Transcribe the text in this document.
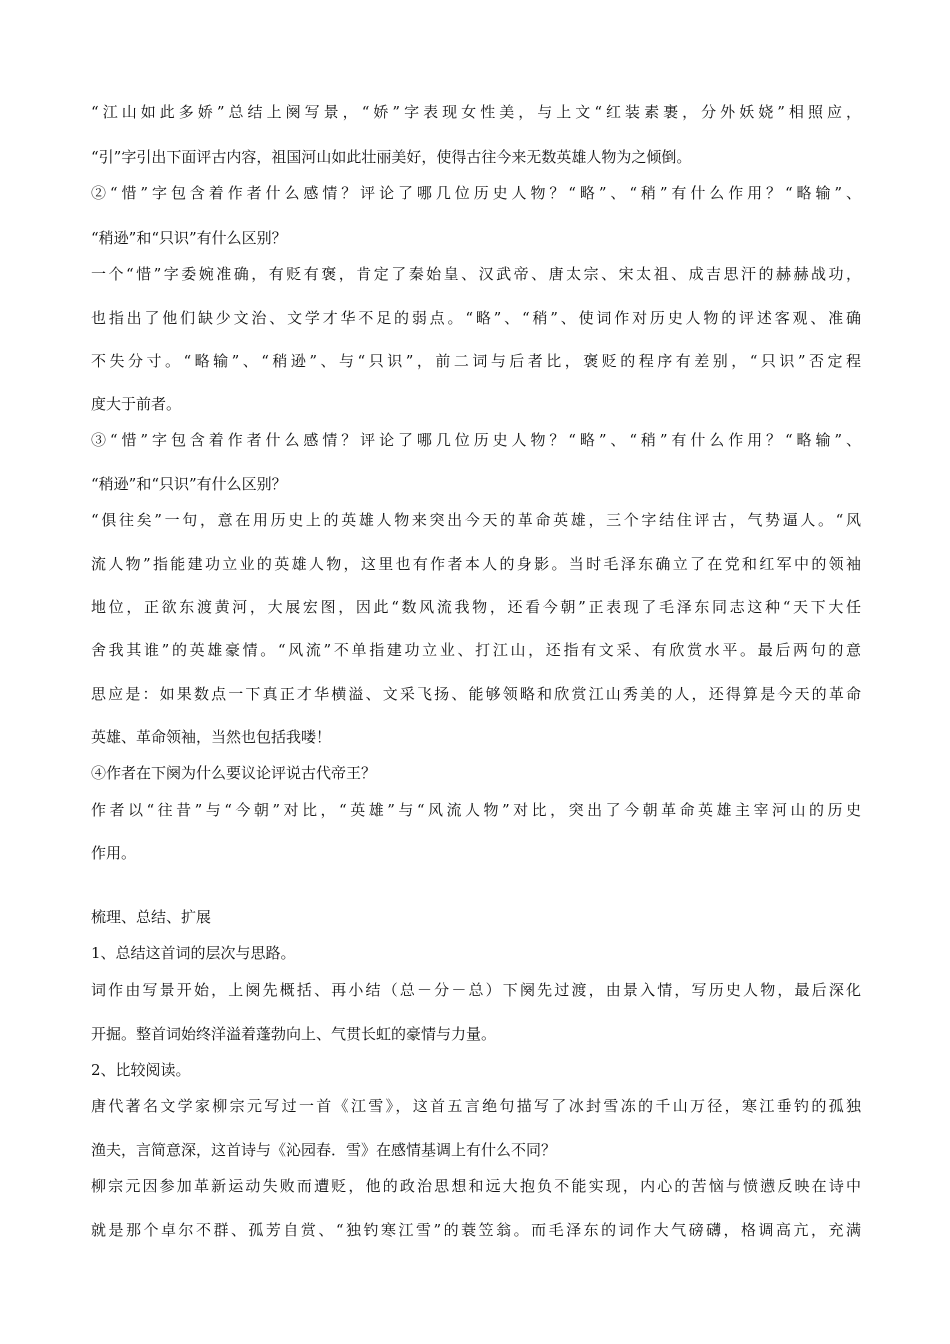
“江山如此多娇”总结上阕写景，“娇”字表现女性美，与上文“红装素裹，分外妖娆”相照应，
“引”字引出下面评古内容，祖国河山如此壮丽美好，使得古往今来无数英雄人物为之倾倒。
②“惜”字包含着作者什么感情？评论了哪几位历史人物？“略”、“稍”有什么作用？“略输”、
“稍逊”和“只识”有什么区别？
一个“惜”字委婉准确，有贬有褒，肯定了秦始皇、汉武帝、唐太宗、宋太祖、成吉思汗的赫赫战功，
也指出了他们缺少文治、文学才华不足的弱点。“略”、“稍”、使词作对历史人物的评述客观、准确
不失分寸。“略输”、“稍逊”、与“只识”，前二词与后者比，褒贬的程序有差别，“只识”否定程
度大于前者。
③“惜”字包含着作者什么感情？评论了哪几位历史人物？“略”、“稍”有什么作用？“略输”、
“稍逊”和“只识”有什么区别？
“俱往矣”一句，意在用历史上的英雄人物来突出今天的革命英雄，三个字结住评古，气势逼人。“风
流人物”指能建功立业的英雄人物，这里也有作者本人的身影。当时毛泽东确立了在党和红军中的领袖
地位，正欲东渡黄河，大展宏图，因此“数风流我物，还看今朝”正表现了毛泽东同志这种“天下大任
舍我其谁”的英雄豪情。“风流”不单指建功立业、打江山，还指有文采、有欣赏水平。最后两句的意
思应是：如果数点一下真正才华横溢、文采飞扬、能够领略和欣赏江山秀美的人，还得算是今天的革命
英雄、革命领袖，当然也包括我喽！
④作者在下阕为什么要议论评说古代帝王？
作者以“往昔”与“今朝”对比，“英雄”与“风流人物”对比，突出了今朝革命英雄主宰河山的历史
作用。
梳理、总结、扩展
1、总结这首词的层次与思路。
词作由写景开始，上阕先概括、再小结（总－分－总）下阕先过渡，由景入情，写历史人物，最后深化
开掘。整首词始终洋溢着蓬勃向上、气贯长虹的豪情与力量。
2、比较阅读。
唐代著名文学家柳宗元写过一首《江雪》，这首五言绝句描写了冰封雪冻的千山万径，寒江垂钓的孤独
渔夫，言简意深，这首诗与《沁园春．雪》在感情基调上有什么不同？
柳宗元因参加革新运动失败而遭贬，他的政治思想和远大抱负不能实现，内心的苦恼与愤懑反映在诗中
就是那个卓尔不群、孤芳自赏、“独钓寒江雪”的蓑笠翁。而毛泽东的词作大气磅礴，格调高亢，充满
